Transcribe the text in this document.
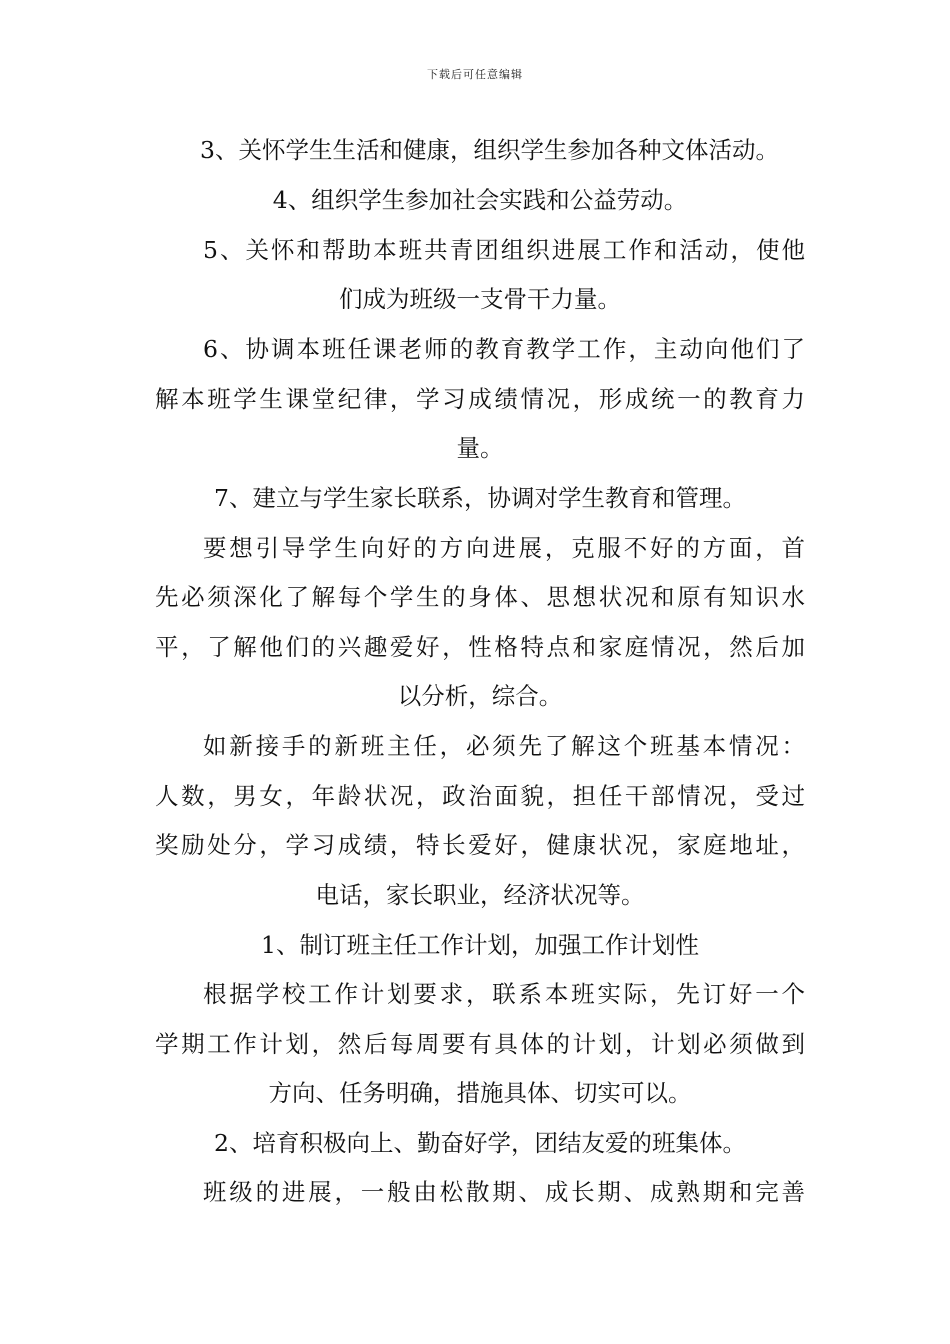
下载后可任意编辑
3、关怀学生生活和健康，组织学生参加各种文体活动。
4、组织学生参加社会实践和公益劳动。
5、关怀和帮助本班共青团组织进展工作和活动，使他
们成为班级一支骨干力量。
6、协调本班任课老师的教育教学工作，主动向他们了
解本班学生课堂纪律，学习成绩情况，形成统一的教育力
量。
7、建立与学生家长联系，协调对学生教育和管理。
要想引导学生向好的方向进展，克服不好的方面，首
先必须深化了解每个学生的身体、思想状况和原有知识水
平，了解他们的兴趣爱好，性格特点和家庭情况，然后加
以分析，综合。
如新接手的新班主任，必须先了解这个班基本情况：
人数，男女，年龄状况，政治面貌，担任干部情况，受过
奖励处分，学习成绩，特长爱好，健康状况，家庭地址，
电话，家长职业，经济状况等。
1、制订班主任工作计划，加强工作计划性
根据学校工作计划要求，联系本班实际，先订好一个
学期工作计划，然后每周要有具体的计划，计划必须做到
方向、任务明确，措施具体、切实可以。
2、培育积极向上、勤奋好学，团结友爱的班集体。
班级的进展，一般由松散期、成长期、成熟期和完善
